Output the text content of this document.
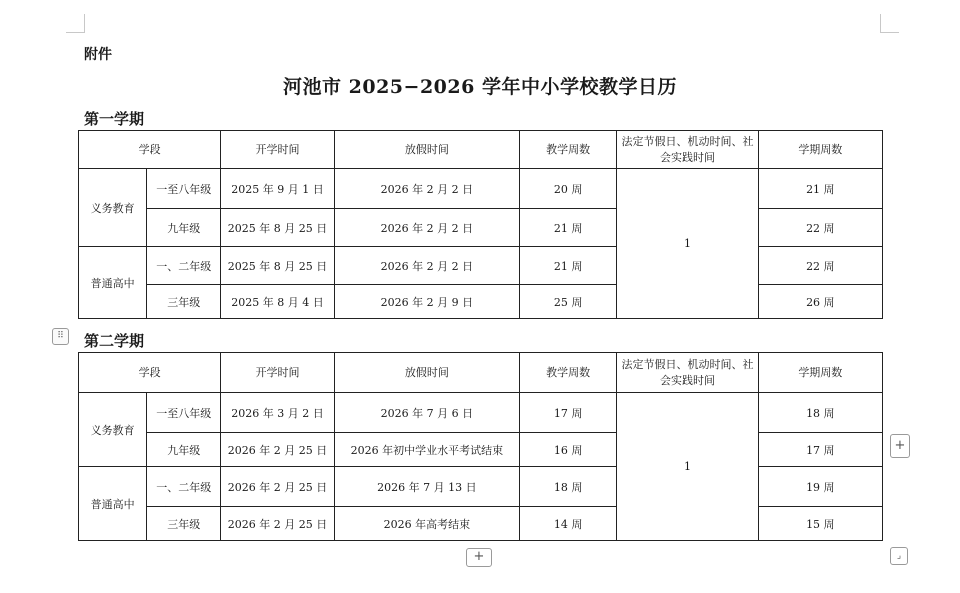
附件
河池市 2025−2026 学年中小学校教学日历
第一学期
学段		开学时间	放假时间	教学周数	法定节假日、机动时间、社会实践时间	学期周数
义务教育	一至八年级	2025 年 9 月 1 日	2026 年 2 月 2 日	20 周	1	21 周
	九年级	2025 年 8 月 25 日	2026 年 2 月 2 日	21 周		22 周
普通高中	一、二年级	2025 年 8 月 25 日	2026 年 2 月 2 日	21 周		22 周
	三年级	2025 年 8 月 4 日	2026 年 2 月 9 日	25 周		26 周
⠿	第二学期
学段		开学时间	放假时间	教学周数	法定节假日、机动时间、社会实践时间	学期周数
义务教育	一至八年级	2026 年 3 月 2 日	2026 年 7 月 6 日	17 周	1	18 周
	九年级	2026 年 2 月 25 日	2026 年初中学业水平考试结束	16 周		17 周
普通高中	一、二年级	2026 年 2 月 25 日	2026 年 7 月 13 日	18 周		19 周
	三年级	2026 年 2 月 25 日	2026 年高考结束	14 周		15 周
+
+	⌟
